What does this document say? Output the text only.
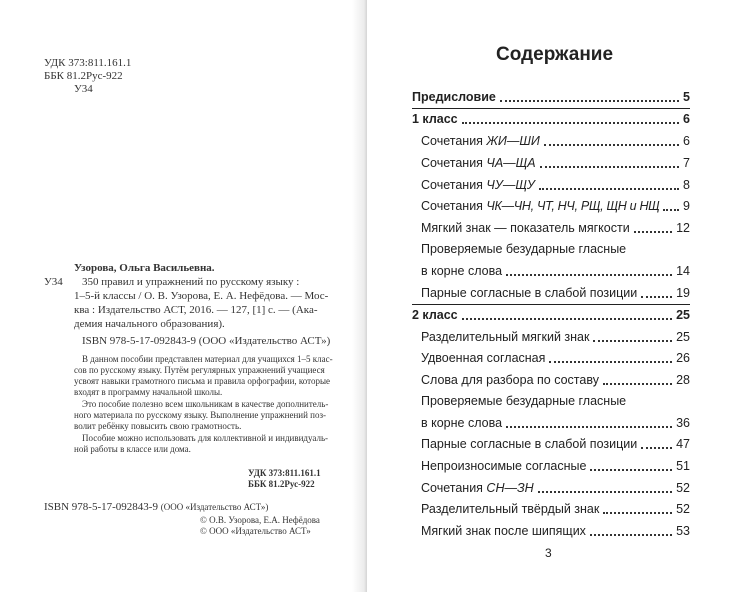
УДК 373:811.161.1
ББК 81.2Рус-922
У34
Узорова, Ольга Васильевна.
У34 350 правил и упражнений по русскому языку :
1–5-й классы / О. В. Узорова, Е. А. Нефёдова. — Мос-
ква : Издательство АСТ, 2016. — 127, [1] с. — (Ака-
демия начального образования).
ISBN 978-5-17-092843-9 (ООО «Издательство АСТ»)
В данном пособии представлен материал для учащихся 1–5 клас-
сов по русскому языку. Путём регулярных упражнений учащиеся
усвоят навыки грамотного письма и правила орфографии, которые
входят в программу начальной школы.
Это пособие полезно всем школьникам в качестве дополнитель-
ного материала по русскому языку. Выполнение упражнений поз-
волит ребёнку повысить свою грамотность.
Пособие можно использовать для коллективной и индивидуаль-
ной работы в классе или дома.
УДК 373:811.161.1
ББК 81.2Рус-922
ISBN 978-5-17-092843-9 (ООО «Издательство АСТ»)
© О.В. Узорова, Е.А. Нефёдова
© ООО «Издательство АСТ»
Содержание
Предисловие	5
1 класс	6
Сочетания ЖИ—ШИ	6
Сочетания ЧА—ЩА	7
Сочетания ЧУ—ЩУ	8
Сочетания ЧК—ЧН, ЧТ, НЧ, РЩ, ЩН и НЩ 9
Мягкий знак — показатель мягкости	12
Проверяемые безударные гласные
в корне слова	14
Парные согласные в слабой позиции	19
2 класс	25
Разделительный мягкий знак	25
Удвоенная согласная	26
Слова для разбора по составу	28
Проверяемые безударные гласные
в корне слова	36
Парные согласные в слабой позиции	47
Непроизносимые согласные	51
Сочетания СН—ЗН	52
Разделительный твёрдый знак	52
Мягкий знак после шипящих	53
3
